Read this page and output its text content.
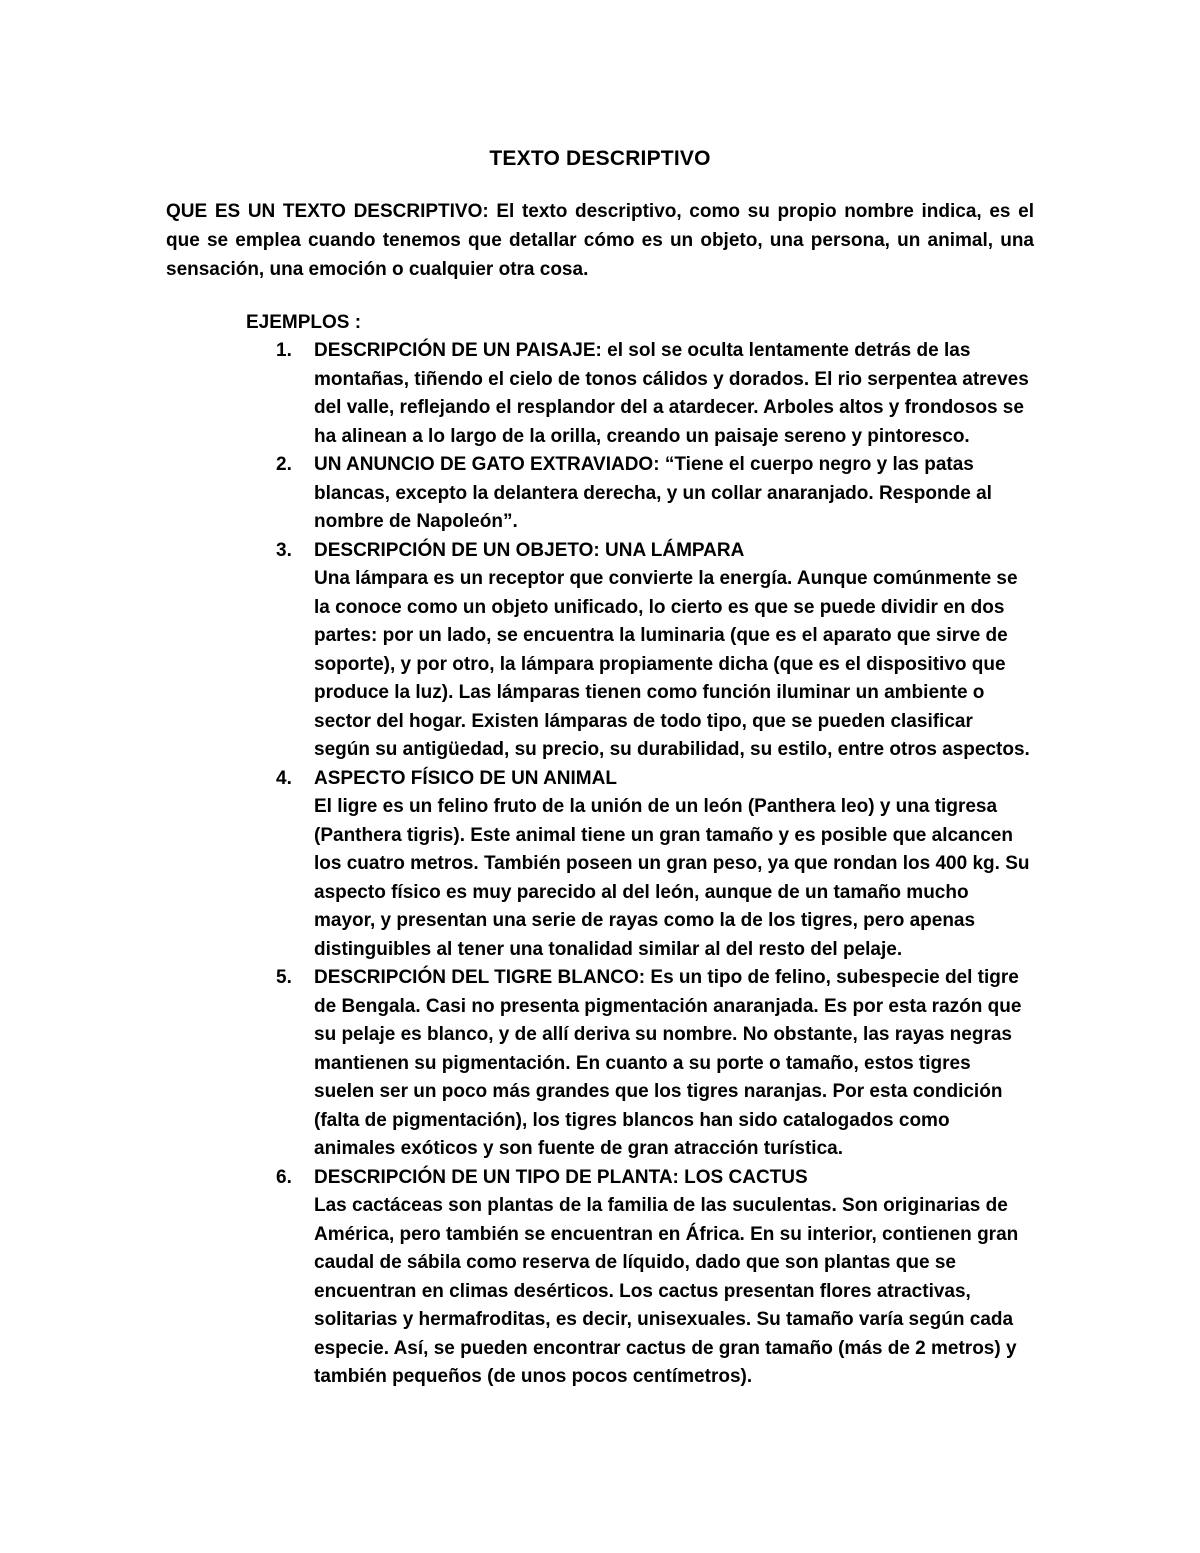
TEXTO DESCRIPTIVO

QUE ES UN TEXTO DESCRIPTIVO: El texto descriptivo, como su propio nombre indica, es el que se emplea cuando tenemos que detallar cómo es un objeto, una persona, un animal, una sensación, una emoción o cualquier otra cosa.

EJEMPLOS :
1. DESCRIPCIÓN DE UN PAISAJE: el sol se oculta lentamente detrás de las montañas, tiñendo el cielo de tonos cálidos y dorados. El rio serpentea atreves del valle, reflejando el resplandor del a atardecer. Arboles altos y frondosos se ha alinean a lo largo de la orilla, creando un paisaje sereno y pintoresco.
2. UN ANUNCIO DE GATO EXTRAVIADO: “Tiene el cuerpo negro y las patas blancas, excepto la delantera derecha, y un collar anaranjado. Responde al nombre de Napoleón”.
3. DESCRIPCIÓN DE UN OBJETO: UNA LÁMPARA
Una lámpara es un receptor que convierte la energía. Aunque comúnmente se la conoce como un objeto unificado, lo cierto es que se puede dividir en dos partes: por un lado, se encuentra la luminaria (que es el aparato que sirve de soporte), y por otro, la lámpara propiamente dicha (que es el dispositivo que produce la luz). Las lámparas tienen como función iluminar un ambiente o sector del hogar. Existen lámparas de todo tipo, que se pueden clasificar según su antigüedad, su precio, su durabilidad, su estilo, entre otros aspectos.
4. ASPECTO FÍSICO DE UN ANIMAL
El ligre es un felino fruto de la unión de un león (Panthera leo) y una tigresa (Panthera tigris). Este animal tiene un gran tamaño y es posible que alcancen los cuatro metros. También poseen un gran peso, ya que rondan los 400 kg. Su aspecto físico es muy parecido al del león, aunque de un tamaño mucho mayor, y presentan una serie de rayas como la de los tigres, pero apenas distinguibles al tener una tonalidad similar al del resto del pelaje.
5. DESCRIPCIÓN DEL TIGRE BLANCO: Es un tipo de felino, subespecie del tigre de Bengala. Casi no presenta pigmentación anaranjada. Es por esta razón que su pelaje es blanco, y de allí deriva su nombre. No obstante, las rayas negras mantienen su pigmentación. En cuanto a su porte o tamaño, estos tigres suelen ser un poco más grandes que los tigres naranjas. Por esta condición (falta de pigmentación), los tigres blancos han sido catalogados como animales exóticos y son fuente de gran atracción turística.
6. DESCRIPCIÓN DE UN TIPO DE PLANTA: LOS CACTUS
Las cactáceas son plantas de la familia de las suculentas. Son originarias de América, pero también se encuentran en África. En su interior, contienen gran caudal de sábila como reserva de líquido, dado que son plantas que se encuentran en climas desérticos. Los cactus presentan flores atractivas, solitarias y hermafroditas, es decir, unisexuales. Su tamaño varía según cada especie. Así, se pueden encontrar cactus de gran tamaño (más de 2 metros) y también pequeños (de unos pocos centímetros).
